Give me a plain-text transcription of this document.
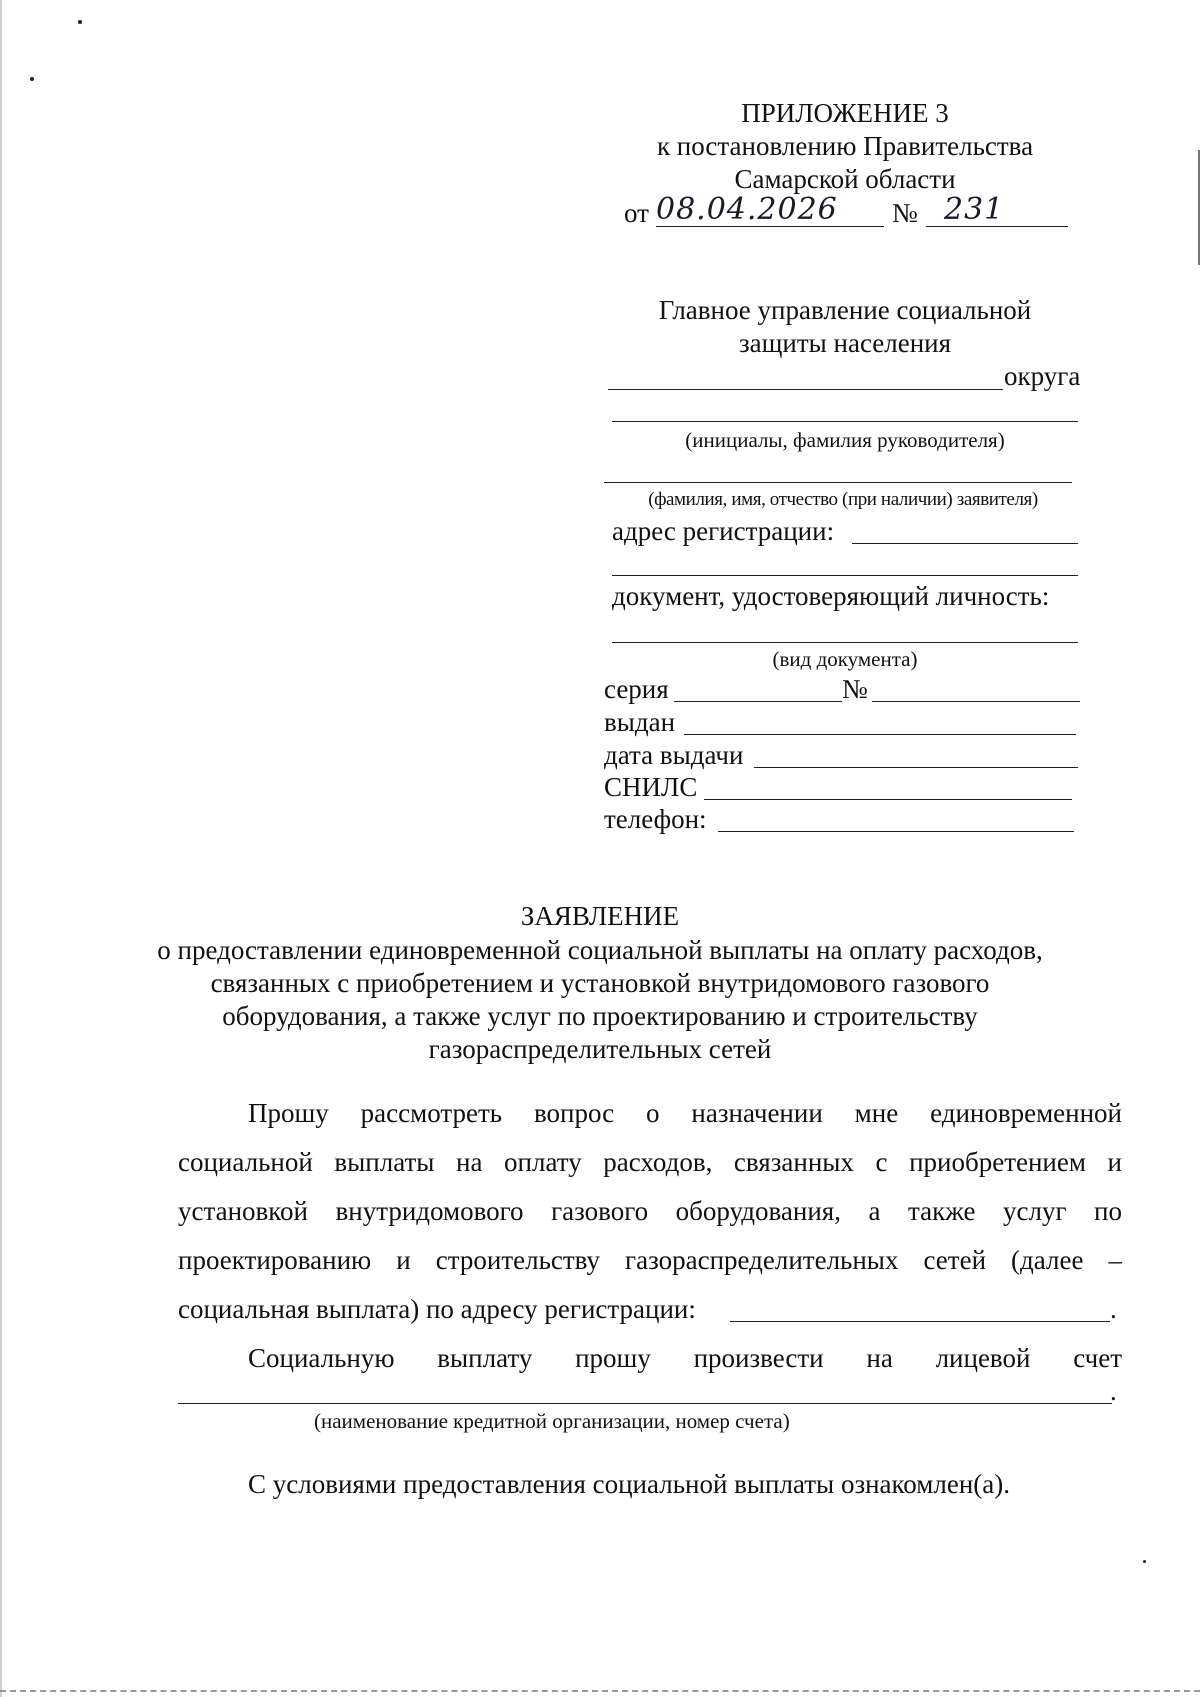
ПРИЛОЖЕНИЕ 3
к постановлению Правительства
Самарской области
от 08.04.2026 № 231
Главное управление социальной
защиты населения
округа
(инициалы, фамилия руководителя)
(фамилия, имя, отчество (при наличии) заявителя)
адрес регистрации:
документ, удостоверяющий личность:
(вид документа)
серия	№
выдан
дата выдачи
СНИЛС
телефон:
ЗАЯВЛЕНИЕ
о предоставлении единовременной социальной выплаты на оплату расходов,
связанных с приобретением и установкой внутридомового газового
оборудования, а также услуг по проектированию и строительству
газораспределительных сетей
Прошу рассмотреть вопрос о назначении мне единовременной
социальной выплаты на оплату расходов, связанных с приобретением и
установкой внутридомового газового оборудования, а также услуг по
проектированию и строительству газораспределительных сетей (далее –
социальная выплата) по адресу регистрации:	.
Социальную выплату прошу произвести на лицевой счет
.
(наименование кредитной организации, номер счета)
С условиями предоставления социальной выплаты ознакомлен(а).
